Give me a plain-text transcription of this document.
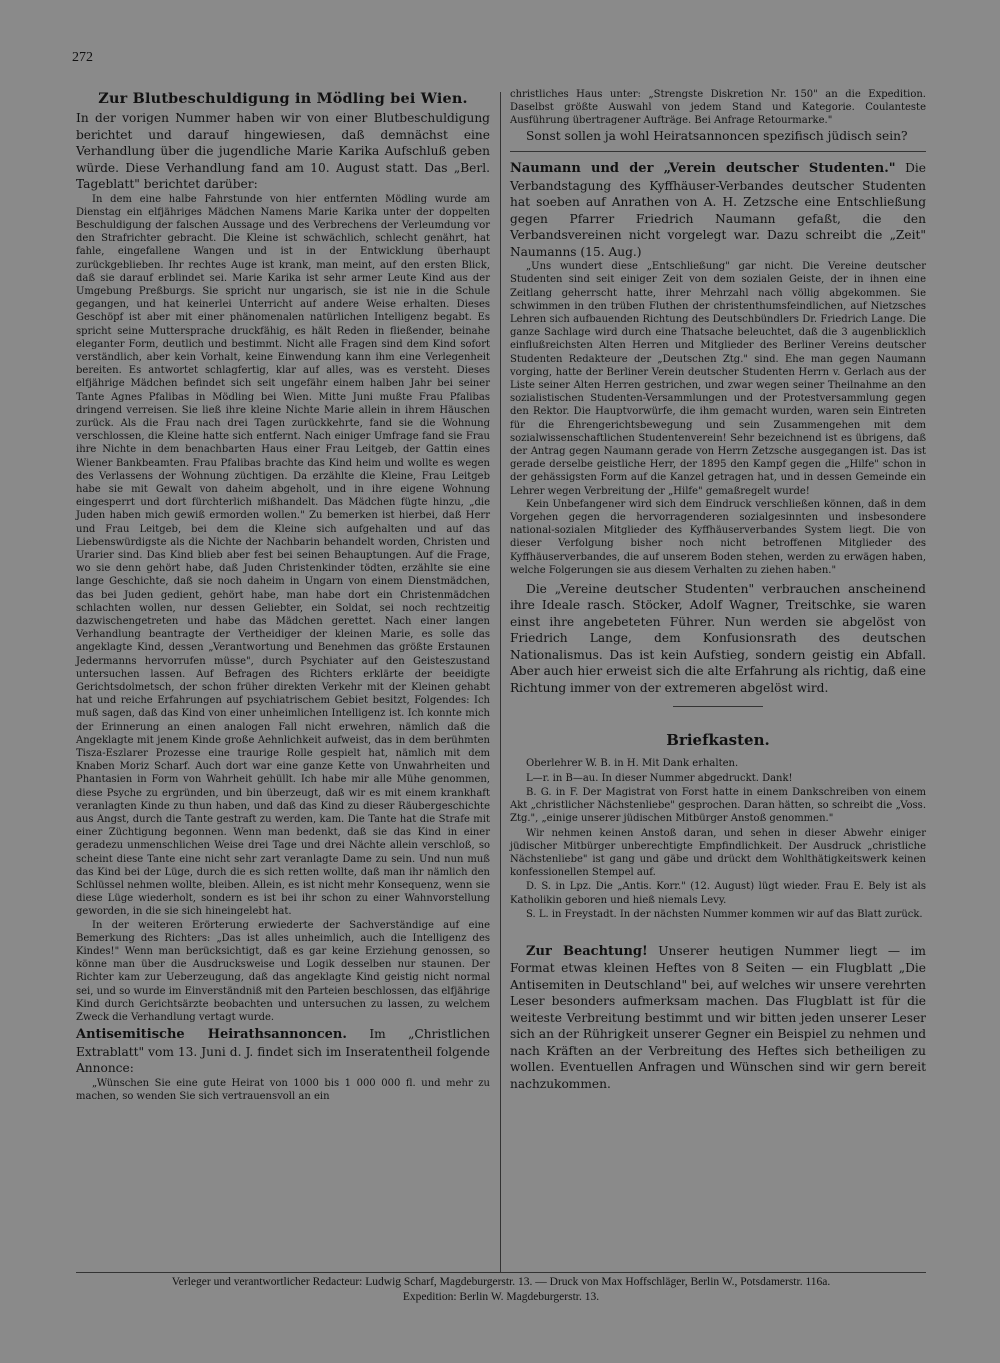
272
Zur Blutbeschuldigung in Mödling bei Wien.

In der vorigen Nummer haben wir von einer Blutbeschuldigung berichtet und darauf hingewiesen, daß demnächst eine Verhandlung über die jugendliche Marie Karika Aufschluß geben würde. Diese Verhandlung fand am 10. August statt. Das „Berl. Tageblatt" berichtet darüber:

In dem eine halbe Fahrstunde von hier entfernten Mödling wurde am Dienstag ein elfjähriges Mädchen Namens Marie Karika unter der doppelten Beschuldigung der falschen Aussage und des Verbrechens der Verleumdung vor den Strafrichter gebracht. Die Kleine ist schwächlich, schlecht genährt, hat fahle, eingefallene Wangen und ist in der Entwicklung überhaupt zurückgeblieben. Ihr rechtes Auge ist krank, man meint, auf den ersten Blick, daß sie darauf erblindet sei. Marie Karika ist sehr armer Leute Kind aus der Umgebung Preßburgs. Sie spricht nur ungarisch, sie ist nie in die Schule gegangen, und hat keinerlei Unterricht auf andere Weise erhalten. Dieses Geschöpf ist aber mit einer phänomenalen natürlichen Intelligenz begabt. Es spricht seine Muttersprache druckfähig, es hält Reden in fließender, beinahe eleganter Form, deutlich und bestimmt. Nicht alle Fragen sind dem Kind sofort verständlich, aber kein Vorhalt, keine Einwendung kann ihm eine Verlegenheit bereiten. Es antwortet schlagfertig, klar auf alles, was es versteht. Dieses elfjährige Mädchen befindet sich seit ungefähr einem halben Jahr bei seiner Tante Agnes Pfalibas in Mödling bei Wien. Mitte Juni mußte Frau Pfalibas dringend verreisen. Sie ließ ihre kleine Nichte Marie allein in ihrem Häuschen zurück. Als die Frau nach drei Tagen zurückkehrte, fand sie die Wohnung verschlossen, die Kleine hatte sich entfernt. Nach einiger Umfrage fand sie Frau ihre Nichte in dem benachbarten Haus einer Frau Leitgeb, der Gattin eines Wiener Bankbeamten. Frau Pfalibas brachte das Kind heim und wollte es wegen des Verlassens der Wohnung züchtigen. Da erzählte die Kleine, Frau Leitgeb habe sie mit Gewalt von daheim abgeholt, und in ihre eigene Wohnung eingesperrt und dort fürchterlich mißhandelt. Das Mädchen fügte hinzu, „die Juden haben mich gewiß ermorden wollen." Zu bemerken ist hierbei, daß Herr und Frau Leitgeb, bei dem die Kleine sich aufgehalten und auf das Liebenswürdigste als die Nichte der Nachbarin behandelt worden, Christen und Urarier sind. Das Kind blieb aber fest bei seinen Behauptungen. Auf die Frage, wo sie denn gehört habe, daß Juden Christenkinder tödten, erzählte sie eine lange Geschichte, daß sie noch daheim in Ungarn von einem Dienstmädchen, das bei Juden gedient, gehört habe, man habe dort ein Christenmädchen schlachten wollen, nur dessen Geliebter, ein Soldat, sei noch rechtzeitig dazwischengetreten und habe das Mädchen gerettet. Nach einer langen Verhandlung beantragte der Vertheidiger der kleinen Marie, es solle das angeklagte Kind, dessen „Verantwortung und Benehmen das größte Erstaunen Jedermanns hervorrufen müsse", durch Psychiater auf den Geisteszustand untersuchen lassen. Auf Befragen des Richters erklärte der beeidigte Gerichtsdolmetsch, der schon früher direkten Verkehr mit der Kleinen gehabt hat und reiche Erfahrungen auf psychiatrischem Gebiet besitzt, Folgendes: Ich muß sagen, daß das Kind von einer unheimlichen Intelligenz ist. Ich konnte mich der Erinnerung an einen analogen Fall nicht erwehren, nämlich daß die Angeklagte mit jenem Kinde große Aehnlichkeit aufweist, das in dem berühmten Tisza-Eszlarer Prozesse eine traurige Rolle gespielt hat, nämlich mit dem Knaben Moriz Scharf. Auch dort war eine ganze Kette von Unwahrheiten und Phantasien in Form von Wahrheit gehüllt. Ich habe mir alle Mühe genommen, diese Psyche zu ergründen, und bin überzeugt, daß wir es mit einem krankhaft veranlagten Kinde zu thun haben, und daß das Kind zu dieser Räubergeschichte aus Angst, durch die Tante gestraft zu werden, kam. Die Tante hat die Strafe mit einer Züchtigung begonnen. Wenn man bedenkt, daß sie das Kind in einer geradezu unmenschlichen Weise drei Tage und drei Nächte allein verschloß, so scheint diese Tante eine nicht sehr zart veranlagte Dame zu sein. Und nun muß das Kind bei der Lüge, durch die es sich retten wollte, daß man ihr nämlich den Schlüssel nehmen wollte, bleiben. Allein, es ist nicht mehr Konsequenz, wenn sie diese Lüge wiederholt, sondern es ist bei ihr schon zu einer Wahnvorstellung geworden, in die sie sich hineingelebt hat.

In der weiteren Erörterung erwiederte der Sachverständige auf eine Bemerkung des Richters: „Das ist alles unheimlich, auch die Intelligenz des Kindes!" Wenn man berücksichtigt, daß es gar keine Erziehung genossen, so könne man über die Ausdrucksweise und Logik desselben nur staunen. Der Richter kam zur Ueberzeugung, daß das angeklagte Kind geistig nicht normal sei, und so wurde im Einverständniß mit den Parteien beschlossen, das elfjährige Kind durch Gerichtsärzte beobachten und untersuchen zu lassen, zu welchem Zweck die Verhandlung vertagt wurde.

Antisemitische Heirathsannoncen. Im „Christlichen Extrablatt" vom 13. Juni d. J. findet sich im Inseratentheil folgende Annonce:

„Wünschen Sie eine gute Heirat von 1000 bis 1 000 000 fl. und mehr zu machen, so wenden Sie sich vertrauensvoll an ein

christliches Haus unter: „Strengste Diskretion Nr. 150" an die Expedition. Daselbst größte Auswahl von jedem Stand und Kategorie. Coulanteste Ausführung übertragener Aufträge. Bei Anfrage Retourmarke."

Sonst sollen ja wohl Heiratsannoncen spezifisch jüdisch sein?

Naumann und der „Verein deutscher Studenten." Die Verbandstagung des Kyffhäuser-Verbandes deutscher Studenten hat soeben auf Anrathen von A. H. Zetzsche eine Entschließung gegen Pfarrer Friedrich Naumann gefaßt, die den Verbandsvereinen nicht vorgelegt war. Dazu schreibt die „Zeit" Naumanns (15. Aug.)

„Uns wundert diese „Entschließung" gar nicht. Die Vereine deutscher Studenten sind seit einiger Zeit von dem sozialen Geiste, der in ihnen eine Zeitlang geherrscht hatte, ihrer Mehrzahl nach völlig abgekommen. Sie schwimmen in den trüben Fluthen der christenthumsfeindlichen, auf Nietzsches Lehren sich aufbauenden Richtung des Deutschbündlers Dr. Friedrich Lange. Die ganze Sachlage wird durch eine Thatsache beleuchtet, daß die 3 augenblicklich einflußreichsten Alten Herren und Mitglieder des Berliner Vereins deutscher Studenten Redakteure der „Deutschen Ztg." sind. Ehe man gegen Naumann vorging, hatte der Berliner Verein deutscher Studenten Herrn v. Gerlach aus der Liste seiner Alten Herren gestrichen, und zwar wegen seiner Theilnahme an den sozialistischen Studenten-Versammlungen und der Protestversammlung gegen den Rektor. Die Hauptvorwürfe, die ihm gemacht wurden, waren sein Eintreten für die Ehrengerichtsbewegung und sein Zusammengehen mit dem sozialwissenschaftlichen Studentenverein! Sehr bezeichnend ist es übrigens, daß der Antrag gegen Naumann gerade von Herrn Zetzsche ausgegangen ist. Das ist gerade derselbe geistliche Herr, der 1895 den Kampf gegen die „Hilfe" schon in der gehässigsten Form auf die Kanzel getragen hat, und in dessen Gemeinde ein Lehrer wegen Verbreitung der „Hilfe" gemaßregelt wurde!

Kein Unbefangener wird sich dem Eindruck verschließen können, daß in dem Vorgehen gegen die hervorragenderen sozialgesinnten und insbesondere national-sozialen Mitglieder des Kyffhäuserverbandes System liegt. Die von dieser Verfolgung bisher noch nicht betroffenen Mitglieder des Kyffhäuserverbandes, die auf unserem Boden stehen, werden zu erwägen haben, welche Folgerungen sie aus diesem Verhalten zu ziehen haben."

Die „Vereine deutscher Studenten" verbrauchen anscheinend ihre Ideale rasch. Stöcker, Adolf Wagner, Treitschke, sie waren einst ihre angebeteten Führer. Nun werden sie abgelöst von Friedrich Lange, dem Konfusionsrath des deutschen Nationalismus. Das ist kein Aufstieg, sondern geistig ein Abfall. Aber auch hier erweist sich die alte Erfahrung als richtig, daß eine Richtung immer von der extremeren abgelöst wird.

Briefkasten.

Oberlehrer W. B. in H. Mit Dank erhalten.

L—r. in B—au. In dieser Nummer abgedruckt. Dank!

B. G. in F. Der Magistrat von Forst hatte in einem Dankschreiben von einem Akt „christlicher Nächstenliebe" gesprochen. Daran hätten, so schreibt die „Voss. Ztg.", „einige unserer jüdischen Mitbürger Anstoß genommen."

Wir nehmen keinen Anstoß daran, und sehen in dieser Abwehr einiger jüdischer Mitbürger unberechtigte Empfindlichkeit. Der Ausdruck „christliche Nächstenliebe" ist gang und gäbe und drückt dem Wohlthätigkeitswerk keinen konfessionellen Stempel auf.

D. S. in Lpz. Die „Antis. Korr." (12. August) lügt wieder. Frau E. Bely ist als Katholikin geboren und hieß niemals Levy.

S. L. in Freystadt. In der nächsten Nummer kommen wir auf das Blatt zurück.

Zur Beachtung! Unserer heutigen Nummer liegt — im Format etwas kleinen Heftes von 8 Seiten — ein Flugblatt „Die Antisemiten in Deutschland" bei, auf welches wir unsere verehrten Leser besonders aufmerksam machen. Das Flugblatt ist für die weiteste Verbreitung bestimmt und wir bitten jeden unserer Leser sich an der Rührigkeit unserer Gegner ein Beispiel zu nehmen und nach Kräften an der Verbreitung des Heftes sich betheiligen zu wollen. Eventuellen Anfragen und Wünschen sind wir gern bereit nachzukommen.

Verleger und verantwortlicher Redacteur: Ludwig Scharf, Magdeburgerstr. 13. — Druck von Max Hoffschläger, Berlin W., Potsdamerstr. 116a.
Expedition: Berlin W. Magdeburgerstr. 13.
